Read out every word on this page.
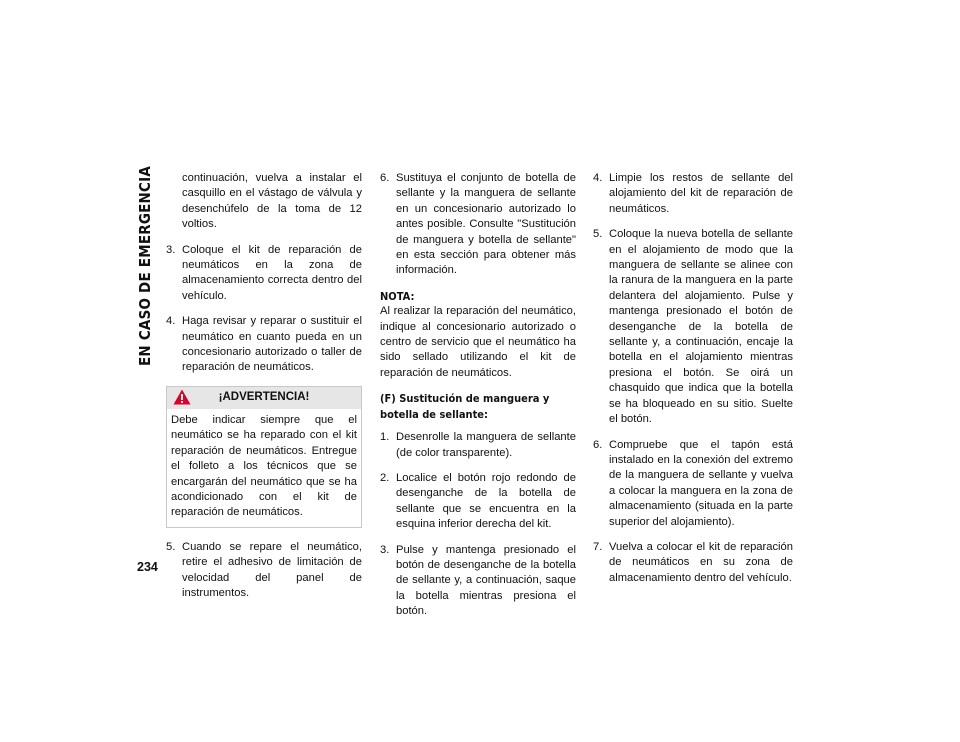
EN CASO DE EMERGENCIA
234
continuación, vuelva a instalar el casquillo en el vástago de válvula y desenchúfelo de la toma de 12 voltios.
3. Coloque el kit de reparación de neumáticos en la zona de almacenamiento correcta dentro del vehículo.
4. Haga revisar y reparar o sustituir el neumático en cuanto pueda en un concesionario autorizado o taller de reparación de neumáticos.
¡ADVERTENCIA!
Debe indicar siempre que el neumático se ha reparado con el kit reparación de neumáticos. Entregue el folleto a los técnicos que se encargarán del neumático que se ha acondicionado con el kit de reparación de neumáticos.
5. Cuando se repare el neumático, retire el adhesivo de limitación de velocidad del panel de instrumentos.
6. Sustituya el conjunto de botella de sellante y la manguera de sellante en un concesionario autorizado lo antes posible. Consulte "Sustitución de manguera y botella de sellante" en esta sección para obtener más información.
NOTA:
Al realizar la reparación del neumático, indique al concesionario autorizado o centro de servicio que el neumático ha sido sellado utilizando el kit de reparación de neumáticos.
(F) Sustitución de manguera y botella de sellante:
1. Desenrolle la manguera de sellante (de color transparente).
2. Localice el botón rojo redondo de desenganche de la botella de sellante que se encuentra en la esquina inferior derecha del kit.
3. Pulse y mantenga presionado el botón de desenganche de la botella de sellante y, a continuación, saque la botella mientras presiona el botón.
4. Limpie los restos de sellante del alojamiento del kit de reparación de neumáticos.
5. Coloque la nueva botella de sellante en el alojamiento de modo que la manguera de sellante se alinee con la ranura de la manguera en la parte delantera del alojamiento. Pulse y mantenga presionado el botón de desenganche de la botella de sellante y, a continuación, encaje la botella en el alojamiento mientras presiona el botón. Se oirá un chasquido que indica que la botella se ha bloqueado en su sitio. Suelte el botón.
6. Compruebe que el tapón está instalado en la conexión del extremo de la manguera de sellante y vuelva a colocar la manguera en la zona de almacenamiento (situada en la parte superior del alojamiento).
7. Vuelva a colocar el kit de reparación de neumáticos en su zona de almacenamiento dentro del vehículo.
